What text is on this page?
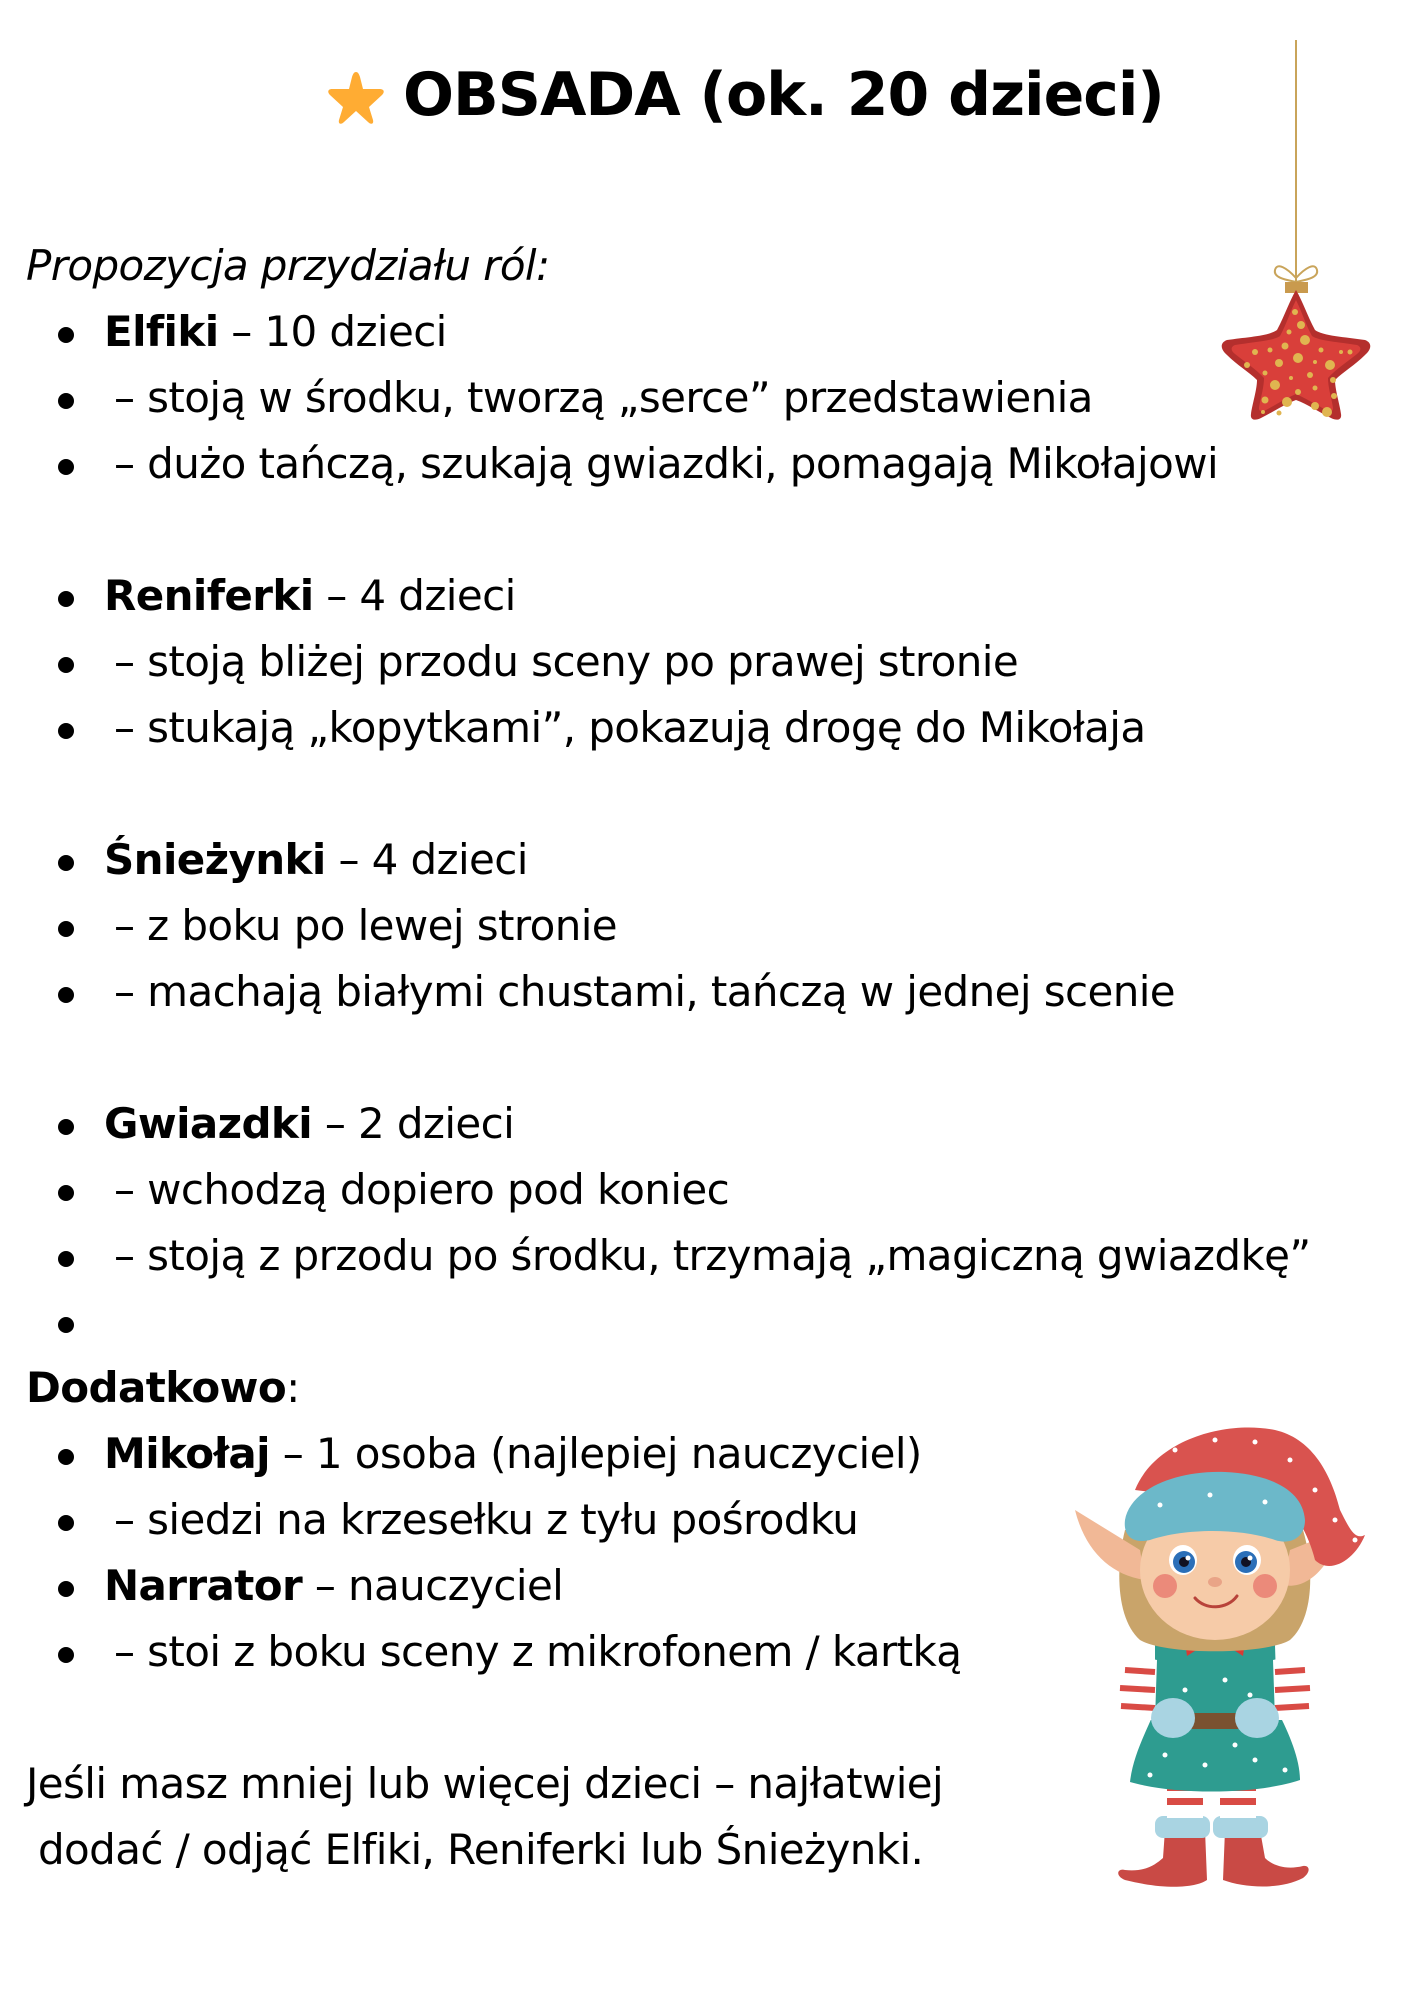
OBSADA (ok. 20 dzieci)
Propozycja przydziału ról:
Elfiki – 10 dzieci
– stoją w środku, tworzą „serce” przedstawienia
– dużo tańczą, szukają gwiazdki, pomagają Mikołajowi
Reniferki – 4 dzieci
– stoją bliżej przodu sceny po prawej stronie
– stukają „kopytkami”, pokazują drogę do Mikołaja
Śnieżynki – 4 dzieci
– z boku po lewej stronie
– machają białymi chustami, tańczą w jednej scenie
Gwiazdki – 2 dzieci
– wchodzą dopiero pod koniec
– stoją z przodu po środku, trzymają „magiczną gwiazdkę”
Dodatkowo:
Mikołaj – 1 osoba (najlepiej nauczyciel)
– siedzi na krzesełku z tyłu pośrodku
Narrator – nauczyciel
– stoi z boku sceny z mikrofonem / kartką
Jeśli masz mniej lub więcej dzieci – najłatwiej
dodać / odjąć Elfiki, Reniferki lub Śnieżynki.
